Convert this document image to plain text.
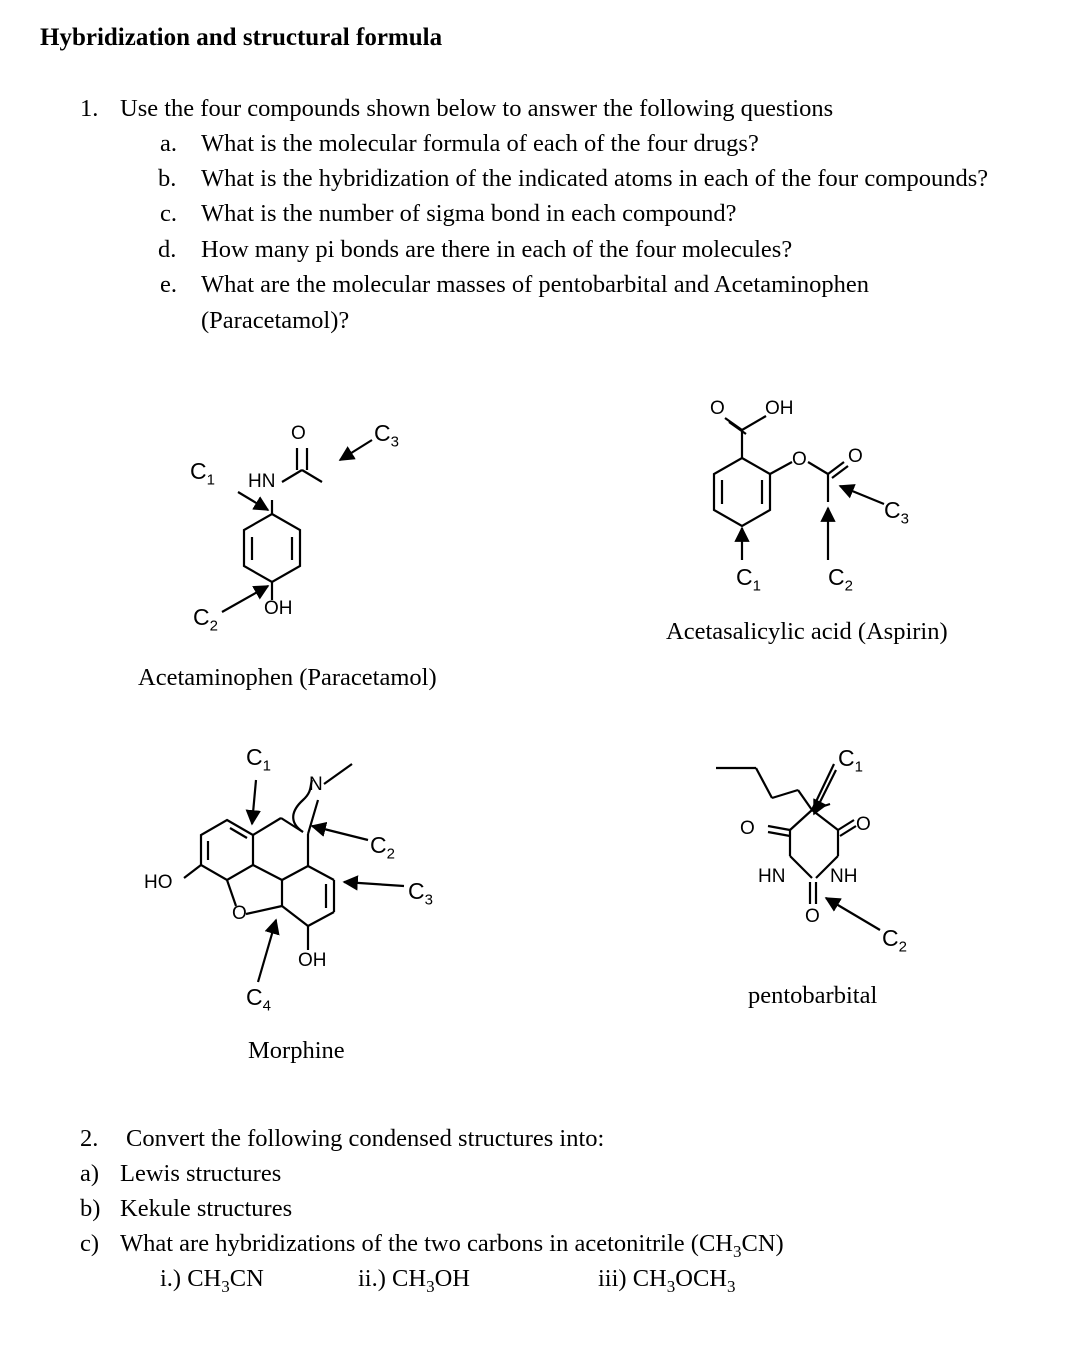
Hybridization and structural formula
1. Use the four compounds shown below to answer the following questions
a. What is the molecular formula of each of the four drugs?
b. What is the hybridization of the indicated atoms in each of the four compounds?
c. What is the number of sigma bond in each compound?
d. How many pi bonds are there in each of the four molecules?
e. What are the molecular masses of pentobarbital and Acetaminophen
(Paracetamol)?
O
HN
OH
$C_1$
$C_2$
$C_3$
Acetaminophen (Paracetamol)
O OH
O O
$C_1$	$C_2$
$C_3$
Acetasalicylic acid (Aspirin)
N
HO
O
OH
$C_1$
$C_2$
$C_3$
$C_4$
Morphine
O	O
HN NH
O
$C_1$
$C_2$
pentobarbital
2. Convert the following condensed structures into:
a) Lewis structures
b) Kekule structures
c) What are hybridizations of the two carbons in acetonitrile $(CH_3CN)$
i.) $CH_3CN$	ii.) $CH_3OH$	iii) $CH_3OCH_3$
